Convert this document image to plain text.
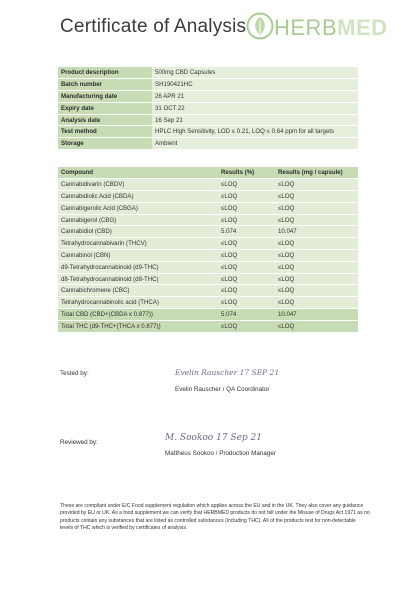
Certificate of Analysis HERBMED
Product description	500mg CBD Capsules
Batch number	SH190421HC
Manufacturing date	26 APR 21
Expiry date	31 OCT 22
Analysis date	16 Sep 21
Test method	HPLC High Sensitivity, LOD ≤ 0.21, LOQ ≤ 0.64 ppm for all targets
Storage	Ambient
Compound	Results (%)	Results (mg / capsule)
Cannabidivarin (CBDV)	≤LOQ	≤LOQ
Cannabidiolic Acid (CBDA)	≤LOQ	≤LOQ
Cannabigerolic Acid (CBGA)	≤LOQ	≤LOQ
Cannabigerol (CBG)	≤LOQ	≤LOQ
Cannabidiol (CBD)	5.074	10.047
Tetrahydrocannabivarin (THCV)	≤LOQ	≤LOQ
Cannabinol (CBN)	≤LOQ	≤LOQ
d9-Tetrahydrocannabinoid (d9-THC)	≤LOQ	≤LOQ
d8-Tetrahydrocannabinoid (d8-THC)	≤LOQ	≤LOQ
Cannabichromene (CBC)	≤LOQ	≤LOQ
Tetrahydrocannabinolic acid (THCA)	≤LOQ	≤LOQ
Total CBD (CBD+(CBDA x 0.877))	5.074	10.047
Total THC (d9-THC+(THCA x 0.877))	≤LOQ	≤LOQ
Tested by:	Evelin Rauscher 17 SEP 21
Evelin Rauscher / QA Coordinator
Reviewed by:	M. Sookoo 17 Sep 21
Mattheus Sookoo / Production Manager
These are compliant under E/C Food supplement regulation which applies across the EU and in the UK. They also cover any guidance provided by EU or UK. As a food supplement we can verify that HERBMED products do not fall under the Misuse of Drugs Act 1971 as no products contain any substances that are listed as controlled substances (including THC). All of the products test for non-detectable levels of THC which is verified by certificates of analysis.
